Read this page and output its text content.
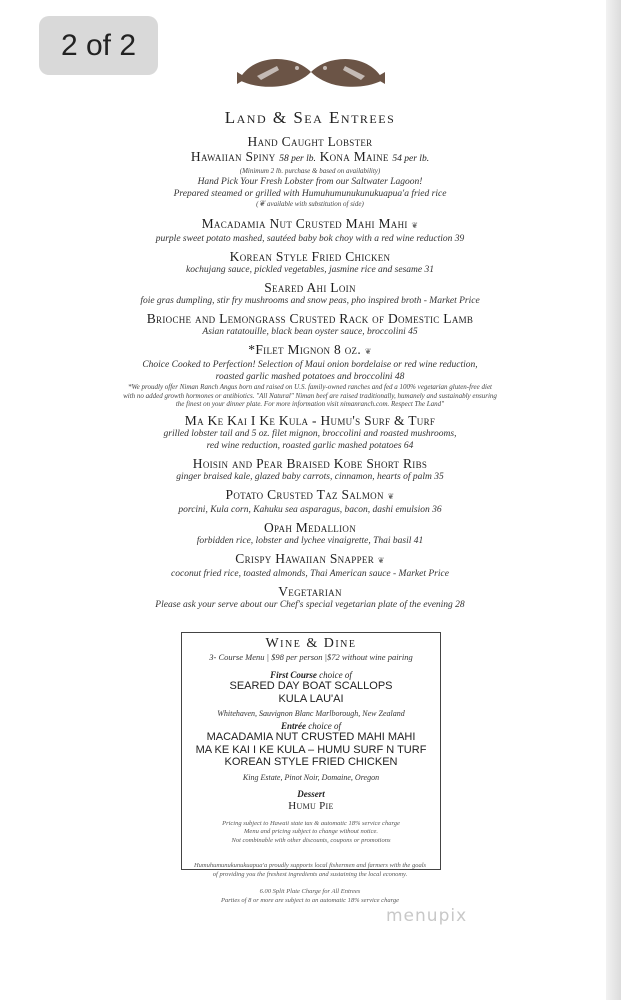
2 of 2
Land & Sea Entrees
Hand Caught Lobster
Hawaiian Spiny 58 per lb. Kona Maine 54 per lb.
(Minimum 2 lb. purchase & based on availability)
Hand Pick Your Fresh Lobster from our Saltwater Lagoon!
Prepared steamed or grilled with Humuhumunukunukuapua'a fried rice
(❦ available with substitution of side)
Macadamia Nut Crusted Mahi Mahi ❦
purple sweet potato mashed, sautéed baby bok choy with a red wine reduction 39
Korean Style Fried Chicken
kochujang sauce, pickled vegetables, jasmine rice and sesame 31
Seared Ahi Loin
foie gras dumpling, stir fry mushrooms and snow peas, pho inspired broth - Market Price
Brioche and Lemongrass Crusted Rack of Domestic Lamb
Asian ratatouille, black bean oyster sauce, broccolini 45
*Filet Mignon 8 oz. ❦
Choice Cooked to Perfection! Selection of Maui onion bordelaise or red wine reduction,
roasted garlic mashed potatoes and broccolini 48
*We proudly offer Niman Ranch Angus born and raised on U.S. family-owned ranches and fed a 100% vegetarian gluten-free diet
with no added growth hormones or antibiotics. "All Natural" Niman beef are raised traditionally, humanely and sustainably ensuring
the finest on your dinner plate. For more information visit nimanranch.com. Respect The Land"
Ma Ke Kai I Ke Kula - Humu's Surf & Turf
grilled lobster tail and 5 oz. filet mignon, broccolini and roasted mushrooms,
red wine reduction, roasted garlic mashed potatoes 64
Hoisin and Pear Braised Kobe Short Ribs
ginger braised kale, glazed baby carrots, cinnamon, hearts of palm 35
Potato Crusted Taz Salmon ❦
porcini, Kula corn, Kahuku sea asparagus, bacon, dashi emulsion 36
Opah Medallion
forbidden rice, lobster and lychee vinaigrette, Thai basil 41
Crispy Hawaiian Snapper ❦
coconut fried rice, toasted almonds, Thai American sauce - Market Price
Vegetarian
Please ask your serve about our Chef's special vegetarian plate of the evening 28
Wine & Dine
3- Course Menu | $98 per person |$72 without wine pairing
First Course choice of
SEARED DAY BOAT SCALLOPS
KULA LAU'AI
Whitehaven, Sauvignon Blanc Marlborough, New Zealand
Entrée choice of
MACADAMIA NUT CRUSTED MAHI MAHI
MA KE KAI I KE KULA – HUMU SURF N TURF
KOREAN STYLE FRIED CHICKEN
King Estate, Pinot Noir, Domaine, Oregon
Dessert
Humu Pie
Pricing subject to Hawaii state tax & automatic 18% service charge
Menu and pricing subject to change without notice.
Not combinable with other discounts, coupons or promotions
Humuhumunukunukuapua'a proudly supports local fishermen and farmers with the goals
of providing you the freshest ingredients and sustaining the local economy.
6.00 Split Plate Charge for All Entrees
Parties of 8 or more are subject to an automatic 18% service charge
menupix
